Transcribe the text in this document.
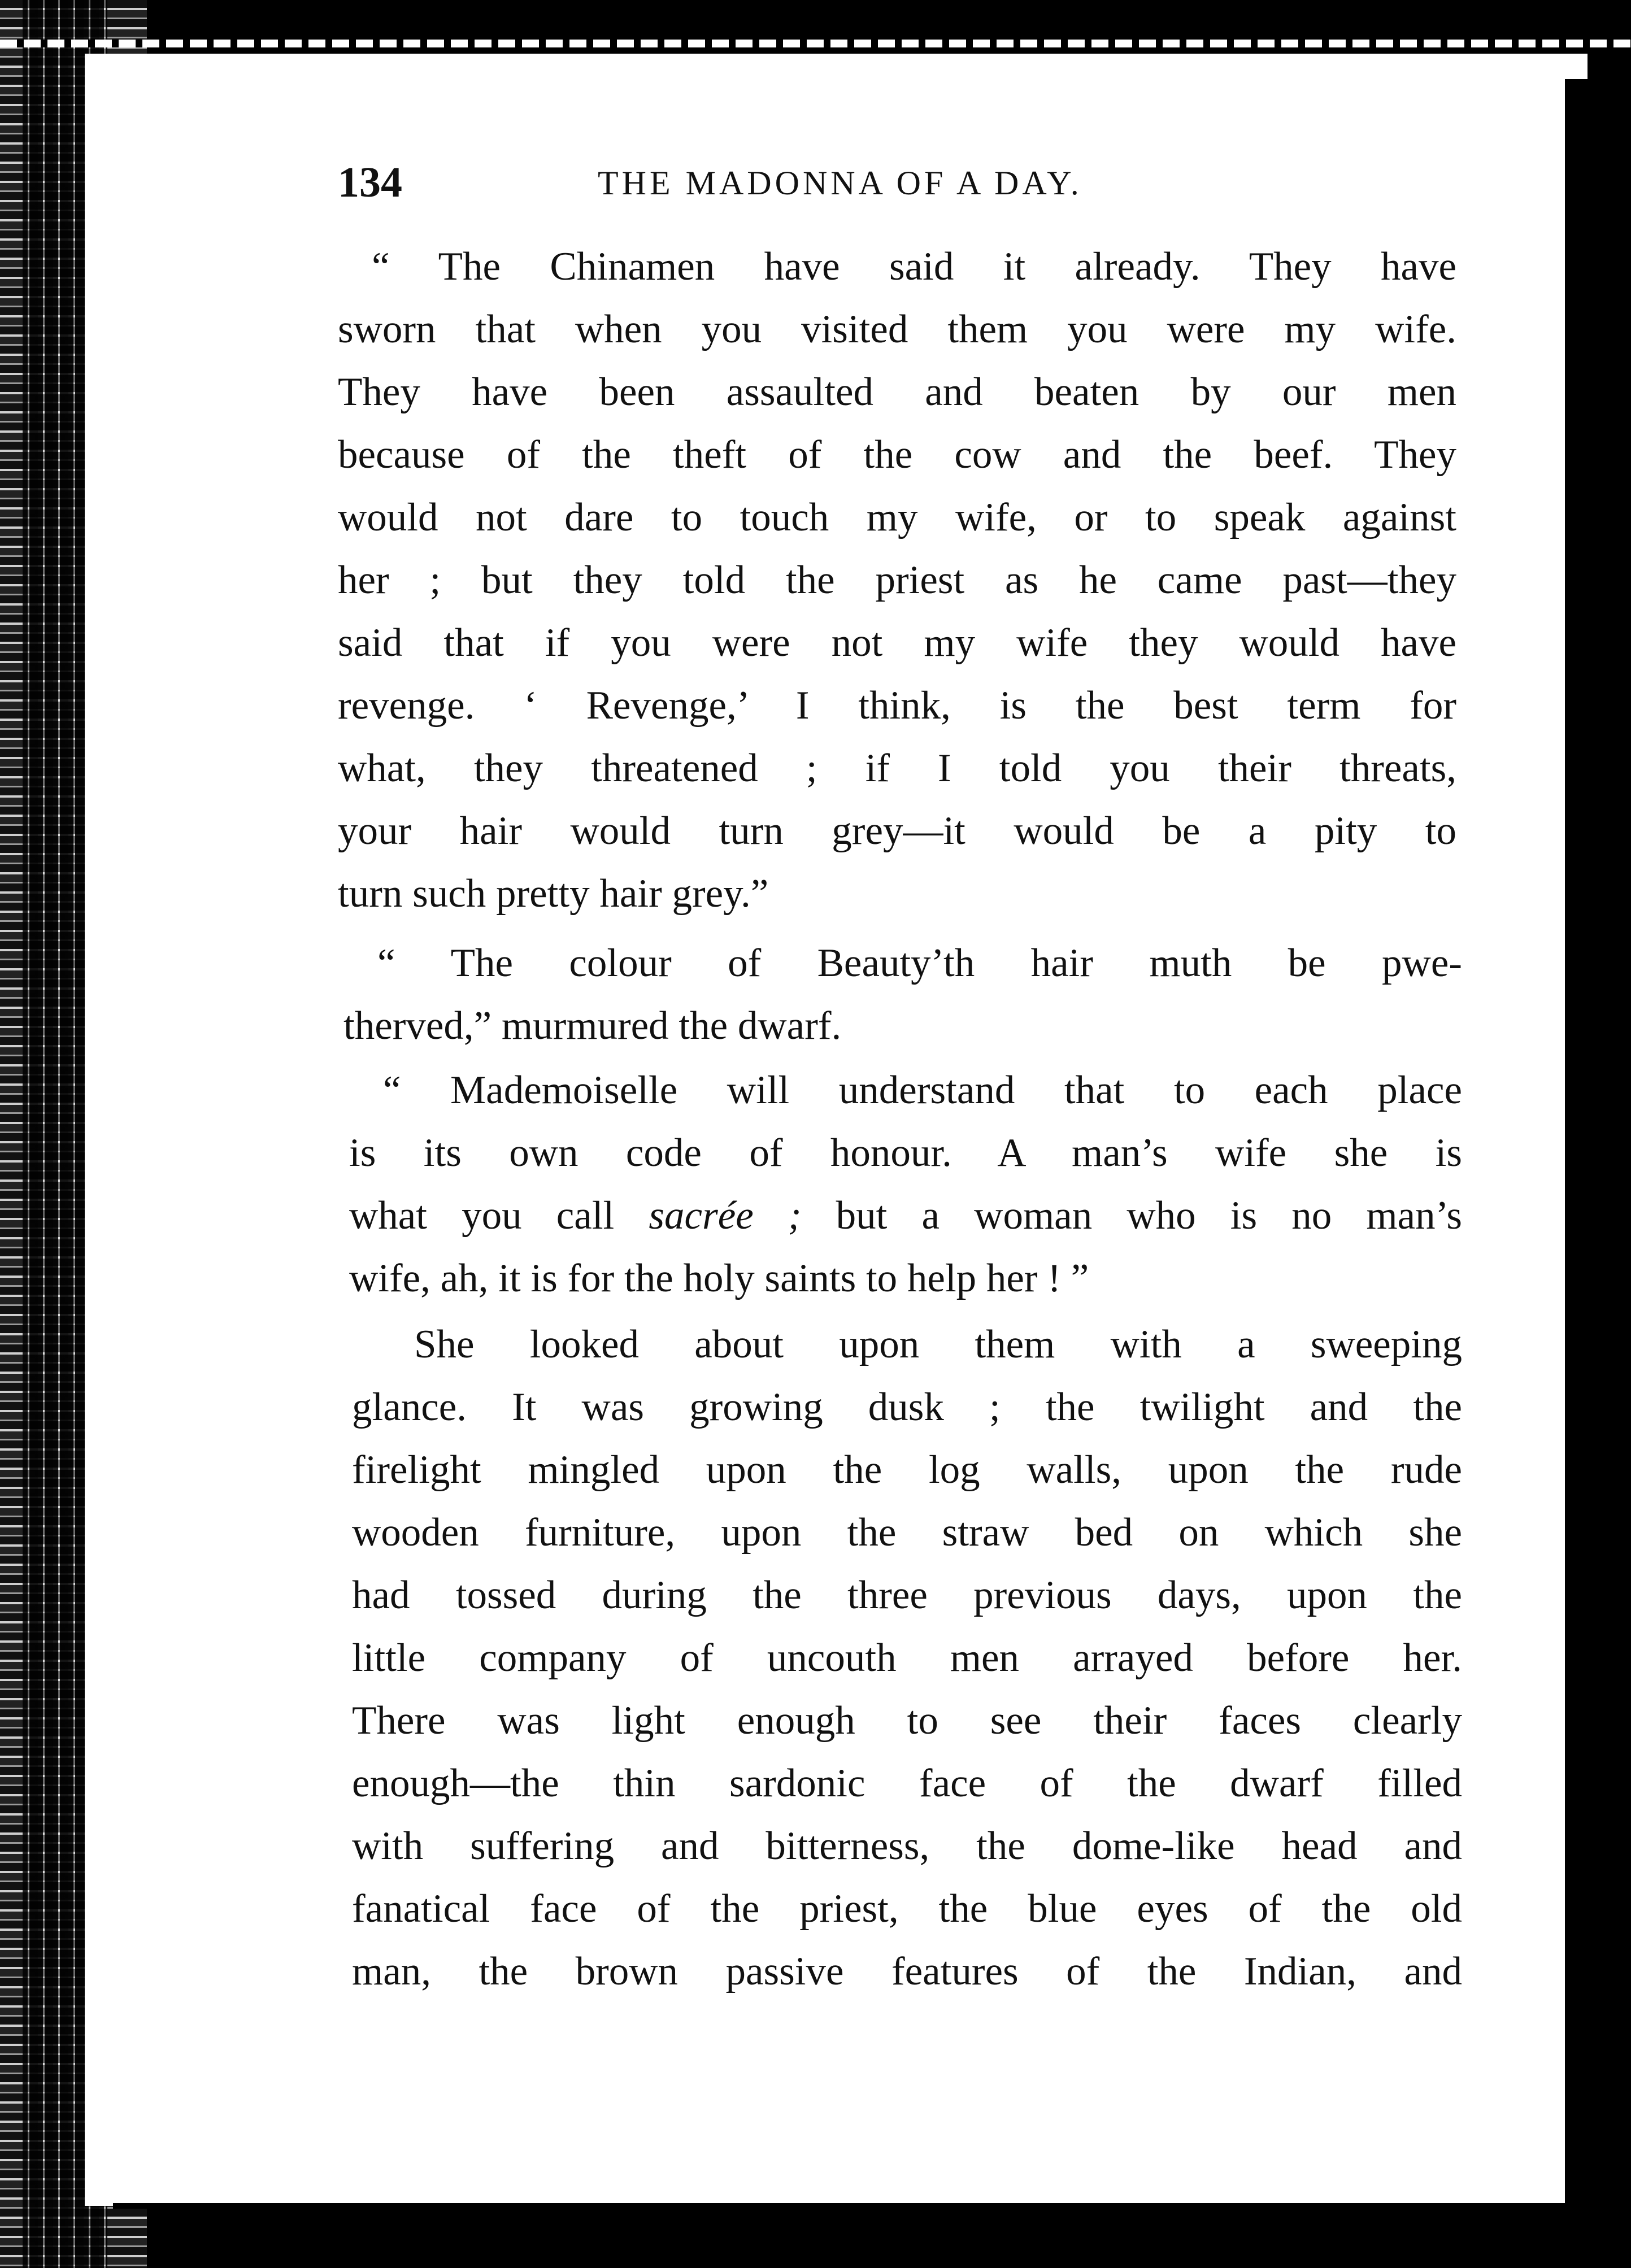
134	THE MADONNA OF A DAY.
“ The Chinamen have said it already. They have
sworn that when you visited them you were my wife.
They have been assaulted and beaten by our men
because of the theft of the cow and the beef. They
would not dare to touch my wife, or to speak against
her ; but they told the priest as he came past—they
said that if you were not my wife they would have
revenge. ‘ Revenge,’ I think, is the best term for
what, they threatened ; if I told you their threats,
your hair would turn grey—it would be a pity to
turn such pretty hair grey.”
“ The colour of Beauty’th hair muth be pwe-
therved,” murmured the dwarf.
“ Mademoiselle will understand that to each place
is its own code of honour. A man’s wife she is
what you call sacrée ; but a woman who is no man’s
wife, ah, it is for the holy saints to help her ! ”
She looked about upon them with a sweeping
glance. It was growing dusk ; the twilight and the
firelight mingled upon the log walls, upon the rude
wooden furniture, upon the straw bed on which she
had tossed during the three previous days, upon the
little company of uncouth men arrayed before her.
There was light enough to see their faces clearly
enough—the thin sardonic face of the dwarf filled
with suffering and bitterness, the dome-like head and
fanatical face of the priest, the blue eyes of the old
man, the brown passive features of the Indian, and
